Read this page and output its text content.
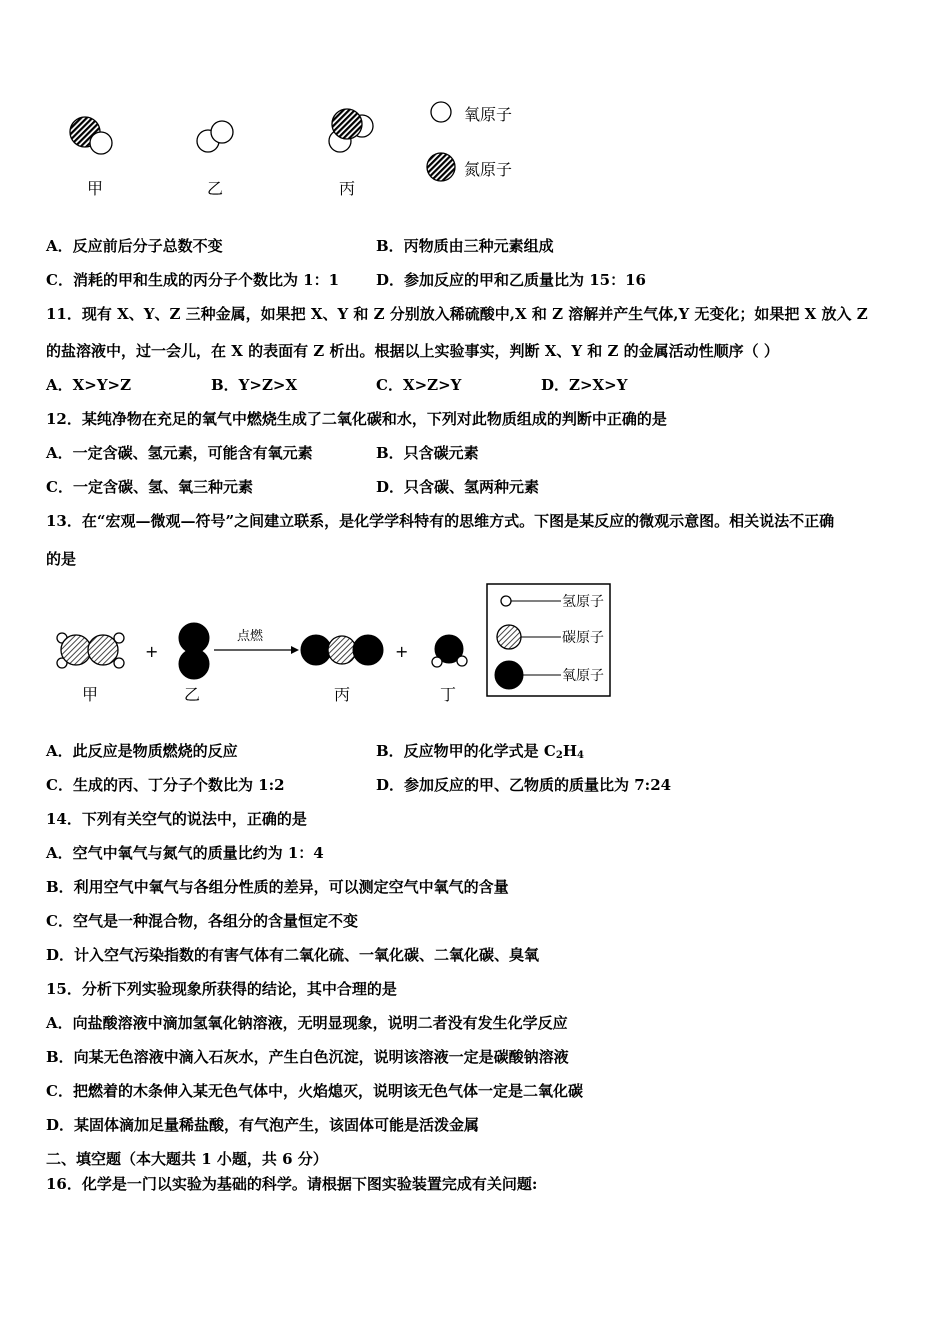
甲	乙	丙
氧原子
氮原子
A．反应前后分子总数不变	B．丙物质由三种元素组成
C．消耗的甲和生成的丙分子个数比为 1：1 D．参加反应的甲和乙质量比为 15：16
11．现有 X、Y、Z 三种金属，如果把 X、Y 和 Z 分别放入稀硫酸中,X 和 Z 溶解并产生气体,Y 无变化；如果把 X 放入 Z
的盐溶液中，过一会儿，在 X 的表面有 Z 析出。根据以上实验事实，判断 X、Y 和 Z 的金属活动性顺序（ ）
A．X>Y>Z	B．Y>Z>X	C．X>Z>Y	D．Z>X>Y
12．某纯净物在充足的氧气中燃烧生成了二氧化碳和水，下列对此物质组成的判断中正确的是
A．一定含碳、氢元素，可能含有氧元素	B．只含碳元素
C．一定含碳、氢、氧三种元素	D．只含碳、氢两种元素
13．在“宏观—微观—符号”之间建立联系，是化学学科特有的思维方式。下图是某反应的微观示意图。相关说法不正确
的是
+	+
点燃
甲	乙	丙	丁
氢原子
碳原子
氧原子
A．此反应是物质燃烧的反应	B．反应物甲的化学式是 $C_2H_4$
C．生成的丙、丁分子个数比为 1:2	D．参加反应的甲、乙物质的质量比为 7:24
14．下列有关空气的说法中，正确的是
A．空气中氧气与氮气的质量比约为 1：4
B．利用空气中氧气与各组分性质的差异，可以测定空气中氧气的含量
C．空气是一种混合物，各组分的含量恒定不变
D．计入空气污染指数的有害气体有二氧化硫、一氧化碳、二氧化碳、臭氧
15．分析下列实验现象所获得的结论，其中合理的是
A．向盐酸溶液中滴加氢氧化钠溶液，无明显现象，说明二者没有发生化学反应
B．向某无色溶液中滴入石灰水，产生白色沉淀，说明该溶液一定是碳酸钠溶液
C．把燃着的木条伸入某无色气体中，火焰熄灭，说明该无色气体一定是二氧化碳
D．某固体滴加足量稀盐酸，有气泡产生，该固体可能是活泼金属
二、填空题（本大题共 1 小题，共 6 分）
16．化学是一门以实验为基础的科学。请根据下图实验装置完成有关问题:
